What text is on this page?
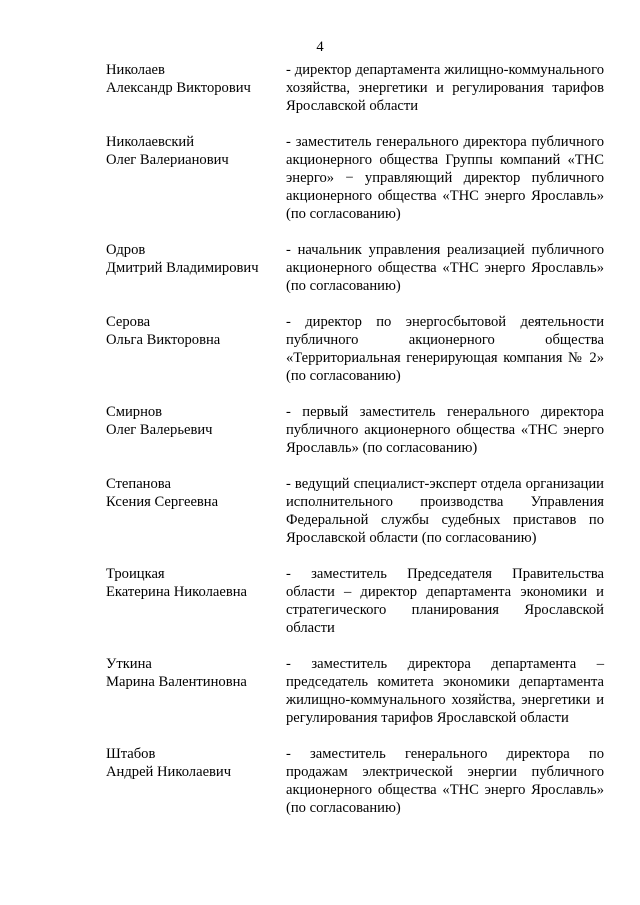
4
Николаев
Александр Викторович
- директор департамента жилищно-коммунального хозяйства, энергетики и регулирования тарифов Ярославской области
Николаевский
Олег Валерианович
- заместитель генерального директора публичного акционерного общества Группы компаний «ТНС энерго» − управляющий директор публичного акционерного общества «ТНС энерго Ярославль» (по согласованию)
Одров
Дмитрий Владимирович
- начальник управления реализацией публичного акционерного общества «ТНС энерго Ярославль» (по согласованию)
Серова
Ольга Викторовна
- директор по энергосбытовой деятельности публичного акционерного общества «Территориальная генерирующая компания № 2» (по согласованию)
Смирнов
Олег Валерьевич
- первый заместитель генерального директора публичного акционерного общества «ТНС энерго Ярославль» (по согласованию)
Степанова
Ксения Сергеевна
- ведущий специалист-эксперт отдела организации исполнительного производства Управления Федеральной службы судебных приставов по Ярославской области (по согласованию)
Троицкая
Екатерина Николаевна
- заместитель Председателя Правительства области – директор департамента экономики и стратегического планирования Ярославской области
Уткина
Марина Валентиновна
- заместитель директора департамента – председатель комитета экономики департамента жилищно-коммунального хозяйства, энергетики и регулирования тарифов Ярославской области
Штабов
Андрей Николаевич
- заместитель генерального директора по продажам электрической энергии публичного акционерного общества «ТНС энерго Ярославль» (по согласованию)
